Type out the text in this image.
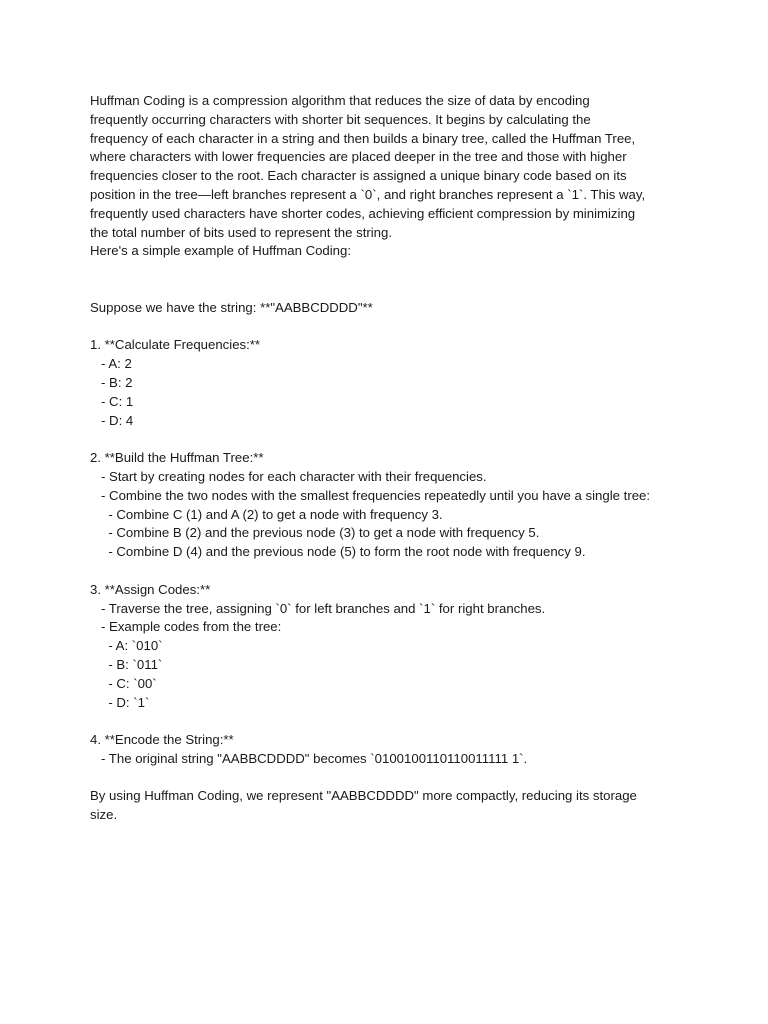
Huffman Coding is a compression algorithm that reduces the size of data by encoding
frequently occurring characters with shorter bit sequences. It begins by calculating the
frequency of each character in a string and then builds a binary tree, called the Huffman Tree,
where characters with lower frequencies are placed deeper in the tree and those with higher
frequencies closer to the root. Each character is assigned a unique binary code based on its
position in the tree—left branches represent a `0`, and right branches represent a `1`. This way,
frequently used characters have shorter codes, achieving efficient compression by minimizing
the total number of bits used to represent the string.
Here's a simple example of Huffman Coding:
Suppose we have the string: **"AABBCDDDD"**
1. **Calculate Frequencies:**
- A: 2
- B: 2
- C: 1
- D: 4
2. **Build the Huffman Tree:**
- Start by creating nodes for each character with their frequencies.
- Combine the two nodes with the smallest frequencies repeatedly until you have a single tree:
- Combine C (1) and A (2) to get a node with frequency 3.
- Combine B (2) and the previous node (3) to get a node with frequency 5.
- Combine D (4) and the previous node (5) to form the root node with frequency 9.
3. **Assign Codes:**
- Traverse the tree, assigning `0` for left branches and `1` for right branches.
- Example codes from the tree:
- A: `010`
- B: `011`
- C: `00`
- D: `1`
4. **Encode the String:**
- The original string "AABBCDDDD" becomes `0100100110110011111 1`.
By using Huffman Coding, we represent "AABBCDDDD" more compactly, reducing its storage
size.
